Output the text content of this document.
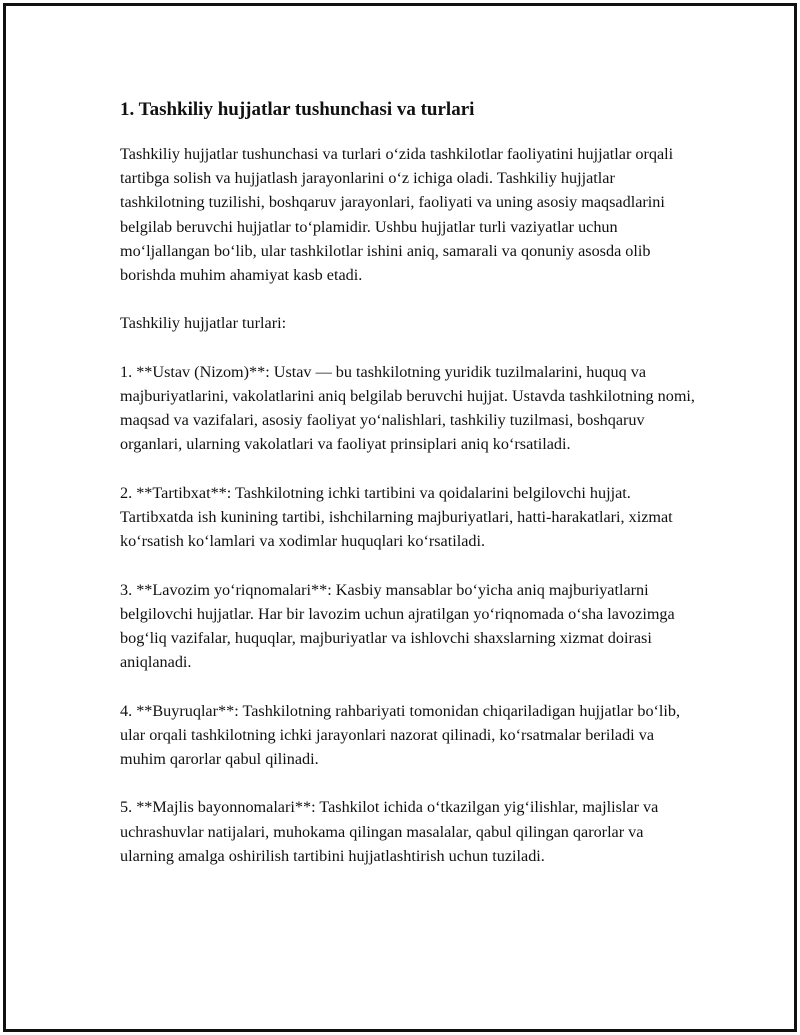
1. Tashkiliy hujjatlar tushunchasi va turlari

Tashkiliy hujjatlar tushunchasi va turlari o‘zida tashkilotlar faoliyatini hujjatlar orqali tartibga solish va hujjatlash jarayonlarini o‘z ichiga oladi. Tashkiliy hujjatlar tashkilotning tuzilishi, boshqaruv jarayonlari, faoliyati va uning asosiy maqsadlarini belgilab beruvchi hujjatlar to‘plamidir. Ushbu hujjatlar turli vaziyatlar uchun mo‘ljallangan bo‘lib, ular tashkilotlar ishini aniq, samarali va qonuniy asosda olib borishda muhim ahamiyat kasb etadi.

Tashkiliy hujjatlar turlari:

1. **Ustav (Nizom)**: Ustav — bu tashkilotning yuridik tuzilmalarini, huquq va majburiyatlarini, vakolatlarini aniq belgilab beruvchi hujjat. Ustavda tashkilotning nomi, maqsad va vazifalari, asosiy faoliyat yo‘nalishlari, tashkiliy tuzilmasi, boshqaruv organlari, ularning vakolatlari va faoliyat prinsiplari aniq ko‘rsatiladi.

2. **Tartibxat**: Tashkilotning ichki tartibini va qoidalarini belgilovchi hujjat. Tartibxatda ish kunining tartibi, ishchilarning majburiyatlari, hatti-harakatlari, xizmat ko‘rsatish ko‘lamlari va xodimlar huquqlari ko‘rsatiladi.

3. **Lavozim yo‘riqnomalari**: Kasbiy mansablar bo‘yicha aniq majburiyatlarni belgilovchi hujjatlar. Har bir lavozim uchun ajratilgan yo‘riqnomada o‘sha lavozimga bog‘liq vazifalar, huquqlar, majburiyatlar va ishlovchi shaxslarning xizmat doirasi aniqlanadi.

4. **Buyruqlar**: Tashkilotning rahbariyati tomonidan chiqariladigan hujjatlar bo‘lib, ular orqali tashkilotning ichki jarayonlari nazorat qilinadi, ko‘rsatmalar beriladi va muhim qarorlar qabul qilinadi.

5. **Majlis bayonnomalari**: Tashkilot ichida o‘tkazilgan yig‘ilishlar, majlislar va uchrashuvlar natijalari, muhokama qilingan masalalar, qabul qilingan qarorlar va ularning amalga oshirilish tartibini hujjatlashtirish uchun tuziladi.
